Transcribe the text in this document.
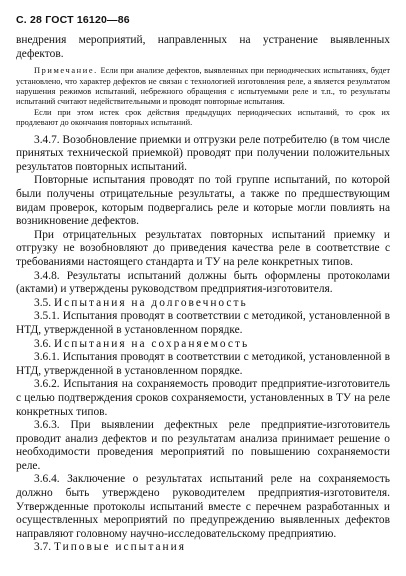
С. 28 ГОСТ 16120—86

внедрения мероприятий, направленных на устранение выявленных дефектов.

Примечание. Если при анализе дефектов, выявленных при периодических испытаниях, будет установлено, что характер дефектов не связан с технологией изготовления реле, а является результатом нарушения режимов испытаний, небрежного обращения с испытуемыми реле и т.п., то результаты испытаний считают недействительными и проводят повторные испытания.

Если при этом истек срок действия предыдущих периодических испытаний, то срок их продлевают до окончания повторных испытаний.

3.4.7. Возобновление приемки и отгрузки реле потребителю (в том числе принятых технической приемкой) проводят при получении положительных результатов повторных испытаний.

Повторные испытания проводят по той группе испытаний, по которой были получены отрицательные результаты, а также по предшествующим видам проверок, которым подвергались реле и которые могли повлиять на возникновение дефектов.

При отрицательных результатах повторных испытаний приемку и отгрузку не возобновляют до приведения качества реле в соответствие с требованиями настоящего стандарта и ТУ на реле конкретных типов.

3.4.8. Результаты испытаний должны быть оформлены протоколами (актами) и утверждены руководством предприятия-изготовителя.

3.5. Испытания на долговечность

3.5.1. Испытания проводят в соответствии с методикой, установленной в НТД, утвержденной в установленном порядке.

3.6. Испытания на сохраняемость

3.6.1. Испытания проводят в соответствии с методикой, установленной в НТД, утвержденной в установленном порядке.

3.6.2. Испытания на сохраняемость проводит предприятие-изготовитель с целью подтверждения сроков сохраняемости, установленных в ТУ на реле конкретных типов.

3.6.3. При выявлении дефектных реле предприятие-изготовитель проводит анализ дефектов и по результатам анализа принимает решение о необходимости проведения мероприятий по повышению сохраняемости реле.

3.6.4. Заключение о результатах испытаний реле на сохраняемость должно быть утверждено руководителем предприятия-изготовителя. Утвержденные протоколы испытаний вместе с перечнем разработанных и осуществленных мероприятий по предупреждению выявленных дефектов направляют головному научно-исследовательскому предприятию.

3.7. Типовые испытания
